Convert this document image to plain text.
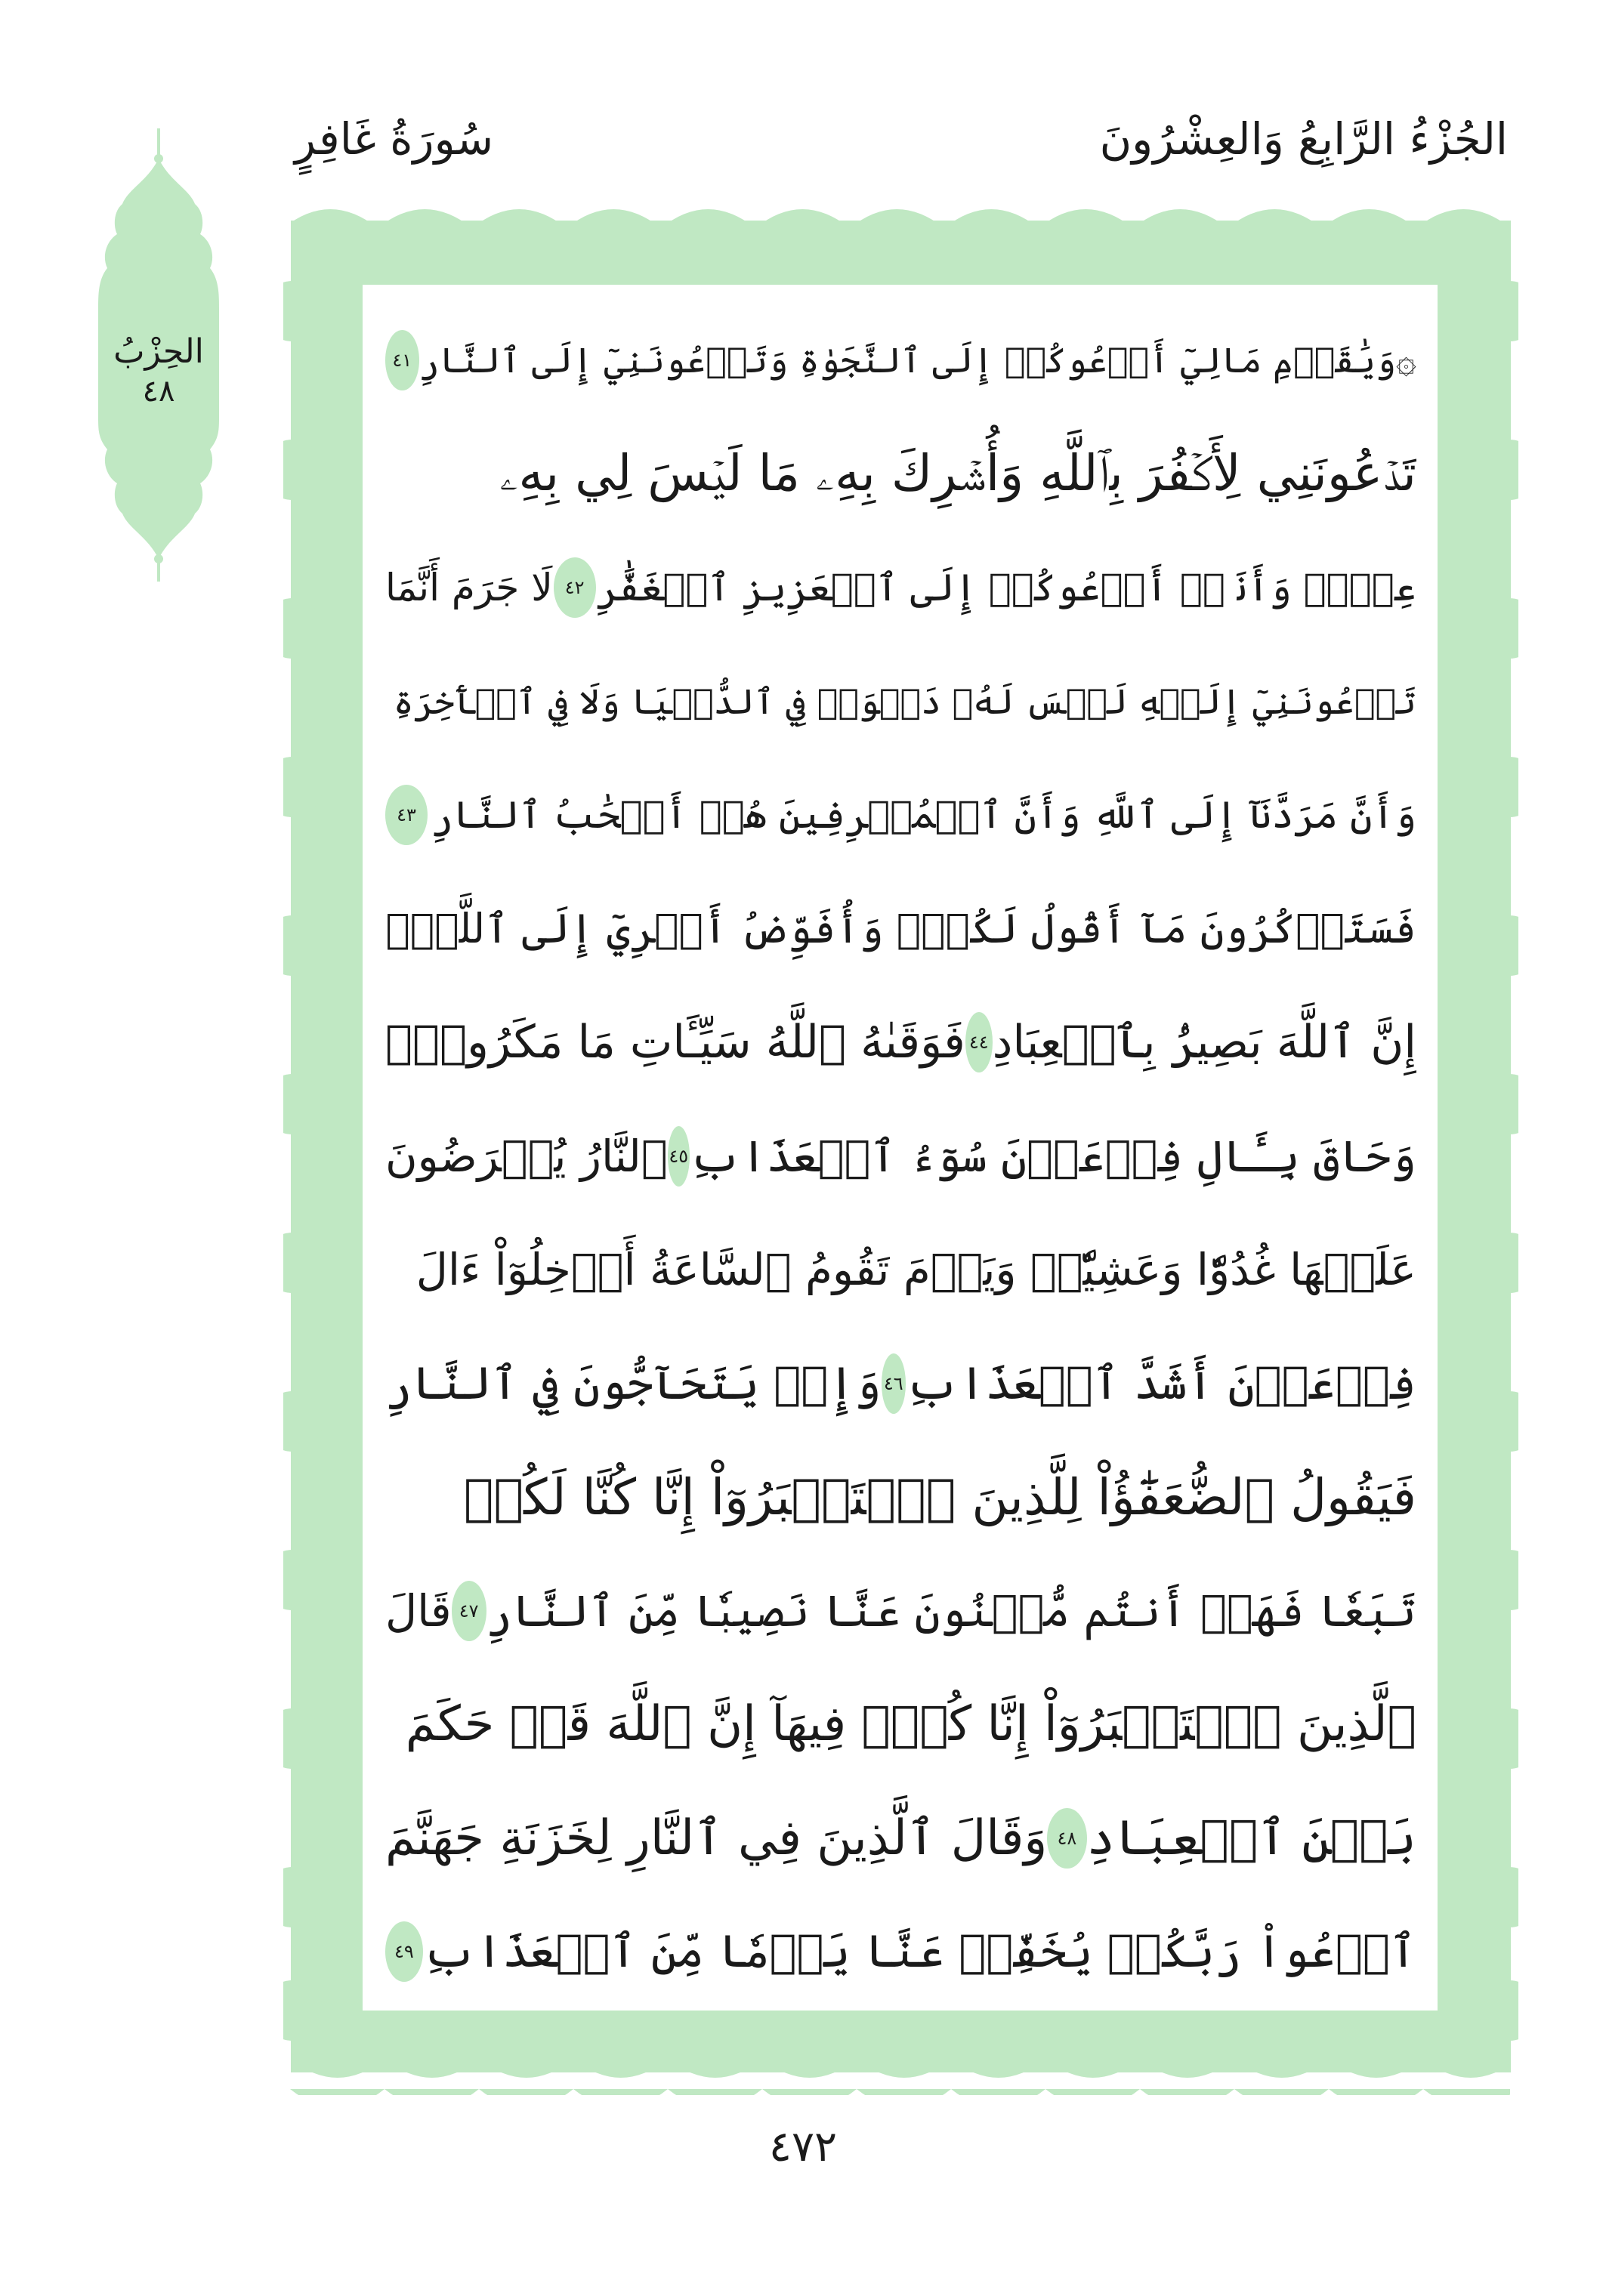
الجُزْءُ الرَّابِعُ وَالعِشْرُونَ
سُورَةُ غَافِرٍ
الحِزْبُ
٤٨
۞وَيَٰقَوۡمِ مَالِيٓ أَدۡعُوكُمۡ إِلَى ٱلنَّجَوٰةِ وَتَدۡعُونَنِيٓ إِلَى ٱلنَّارِ
٤١
تَدۡعُونَنِي لِأَكۡفُرَ بِٱللَّهِ وَأُشۡرِكَ بِهِۦ مَا لَيۡسَ لِي بِهِۦ
عِلۡمٞ وَأَنَا۠ أَدۡعُوكُمۡ إِلَى ٱلۡعَزِيزِ ٱلۡغَفَّٰرِ
٤٢
لَا جَرَمَ أَنَّمَا
تَدۡعُونَنِيٓ إِلَيۡهِ لَيۡسَ لَهُۥ دَعۡوَةٞ فِي ٱلدُّنۡيَا وَلَا فِي ٱلۡأٓخِرَةِ
وَأَنَّ مَرَدَّنَآ إِلَى ٱللَّهِ وَأَنَّ ٱلۡمُسۡرِفِينَ هُمۡ أَصۡحَٰبُ ٱلنَّارِ
٤٣
فَسَتَذۡكُرُونَ مَآ أَقُولُ لَكُمۡۚ وَأُفَوِّضُ أَمۡرِيٓ إِلَى ٱللَّهِۚ
إِنَّ ٱللَّهَ بَصِيرُۢ بِٱلۡعِبَادِ
٤٤
فَوَقَىٰهُ ٱللَّهُ سَيِّـَٔاتِ مَا مَكَرُواْۖ
وَحَاقَ بِـَٔالِ فِرۡعَوۡنَ سُوٓءُ ٱلۡعَذَابِ
٤٥
ٱلنَّارُ يُعۡرَضُونَ
عَلَيۡهَا غُدُوّٗا وَعَشِيّٗاۚ وَيَوۡمَ تَقُومُ ٱلسَّاعَةُ أَدۡخِلُوٓاْ ءَالَ
فِرۡعَوۡنَ أَشَدَّ ٱلۡعَذَابِ
٤٦
وَإِذۡ يَتَحَآجُّونَ فِي ٱلنَّارِ
فَيَقُولُ ٱلضُّعَفَٰٓؤُاْ لِلَّذِينَ ٱسۡتَكۡبَرُوٓاْ إِنَّا كُنَّا لَكُمۡ
تَبَعٗا فَهَلۡ أَنتُم مُّغۡنُونَ عَنَّا نَصِيبٗا مِّنَ ٱلنَّارِ
٤٧
قَالَ
ٱلَّذِينَ ٱسۡتَكۡبَرُوٓاْ إِنَّا كُلّٞ فِيهَآ إِنَّ ٱللَّهَ قَدۡ حَكَمَ
بَيۡنَ ٱلۡعِبَادِ
٤٨
وَقَالَ ٱلَّذِينَ فِي ٱلنَّارِ لِخَزَنَةِ جَهَنَّمَ
ٱدۡعُواْ رَبَّكُمۡ يُخَفِّفۡ عَنَّا يَوۡمٗا مِّنَ ٱلۡعَذَابِ
٤٩
٤٧٢
